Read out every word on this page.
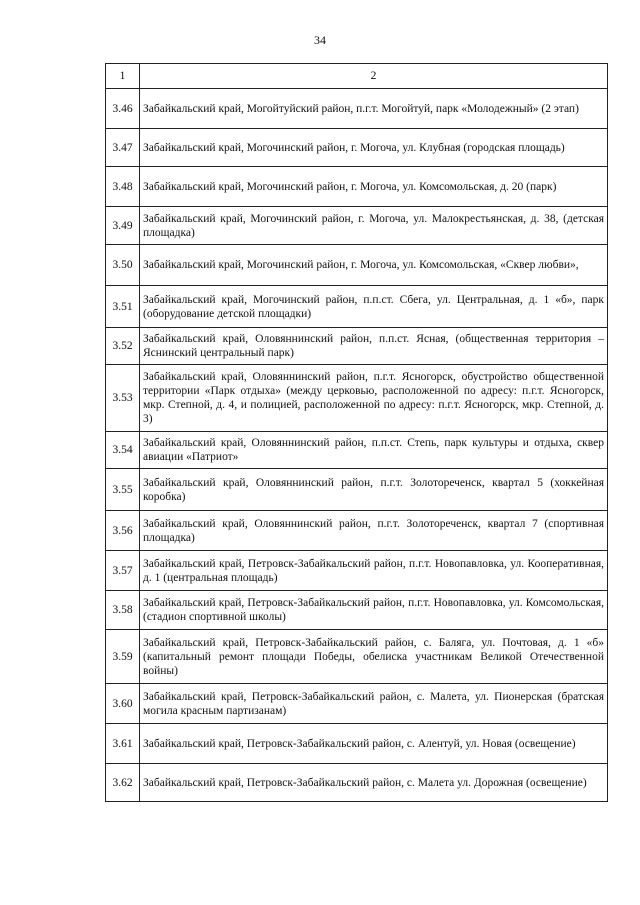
34
1	2
3.46	Забайкальский край, Могойтуйский район, п.г.т. Могойтуй, парк «Молодежный» (2 этап)
3.47	Забайкальский край, Могочинский район, г. Могоча, ул. Клубная (городская площадь)
3.48	Забайкальский край, Могочинский район, г. Могоча, ул. Комсомольская, д. 20 (парк)
3.49	Забайкальский край, Могочинский район, г. Могоча, ул. Малокрестьянская, д. 38, (детская площадка)
3.50	Забайкальский край, Могочинский район, г. Могоча, ул. Комсомольская, «Сквер любви»,
3.51	Забайкальский край, Могочинский район, п.п.ст. Сбега, ул. Центральная, д. 1 «б», парк (оборудование детской площадки)
3.52	Забайкальский край, Оловяннинский район, п.п.ст. Ясная, (общественная территория – Яснинский центральный парк)
3.53	Забайкальский край, Оловяннинский район, п.г.т. Ясногорск, обустройство общественной территории «Парк отдыха» (между церковью, расположенной по адресу: п.г.т. Ясногорск, мкр. Степной, д. 4, и полицией, расположенной по адресу: п.г.т. Ясногорск, мкр. Степной, д. 3)
3.54	Забайкальский край, Оловяннинский район, п.п.ст. Степь, парк культуры и отдыха, сквер авиации «Патриот»
3.55	Забайкальский край, Оловяннинский район, п.г.т. Золотореченск, квартал 5 (хоккейная коробка)
3.56	Забайкальский край, Оловяннинский район, п.г.т. Золотореченск, квартал 7 (спортивная площадка)
3.57	Забайкальский край, Петровск-Забайкальский район, п.г.т. Новопавловка, ул. Кооперативная, д. 1 (центральная площадь)
3.58	Забайкальский край, Петровск-Забайкальский район, п.г.т. Новопавловка, ул. Комсомольская, (стадион спортивной школы)
3.59	Забайкальский край, Петровск-Забайкальский район, с. Баляга, ул. Почтовая, д. 1 «б» (капитальный ремонт площади Победы, обелиска участникам Великой Отечественной войны)
3.60	Забайкальский край, Петровск-Забайкальский район, с. Малета, ул. Пионерская (братская могила красным партизанам)
3.61	Забайкальский край, Петровск-Забайкальский район, с. Алентуй, ул. Новая (освещение)
3.62	Забайкальский край, Петровск-Забайкальский район, с. Малета ул. Дорожная (освещение)
